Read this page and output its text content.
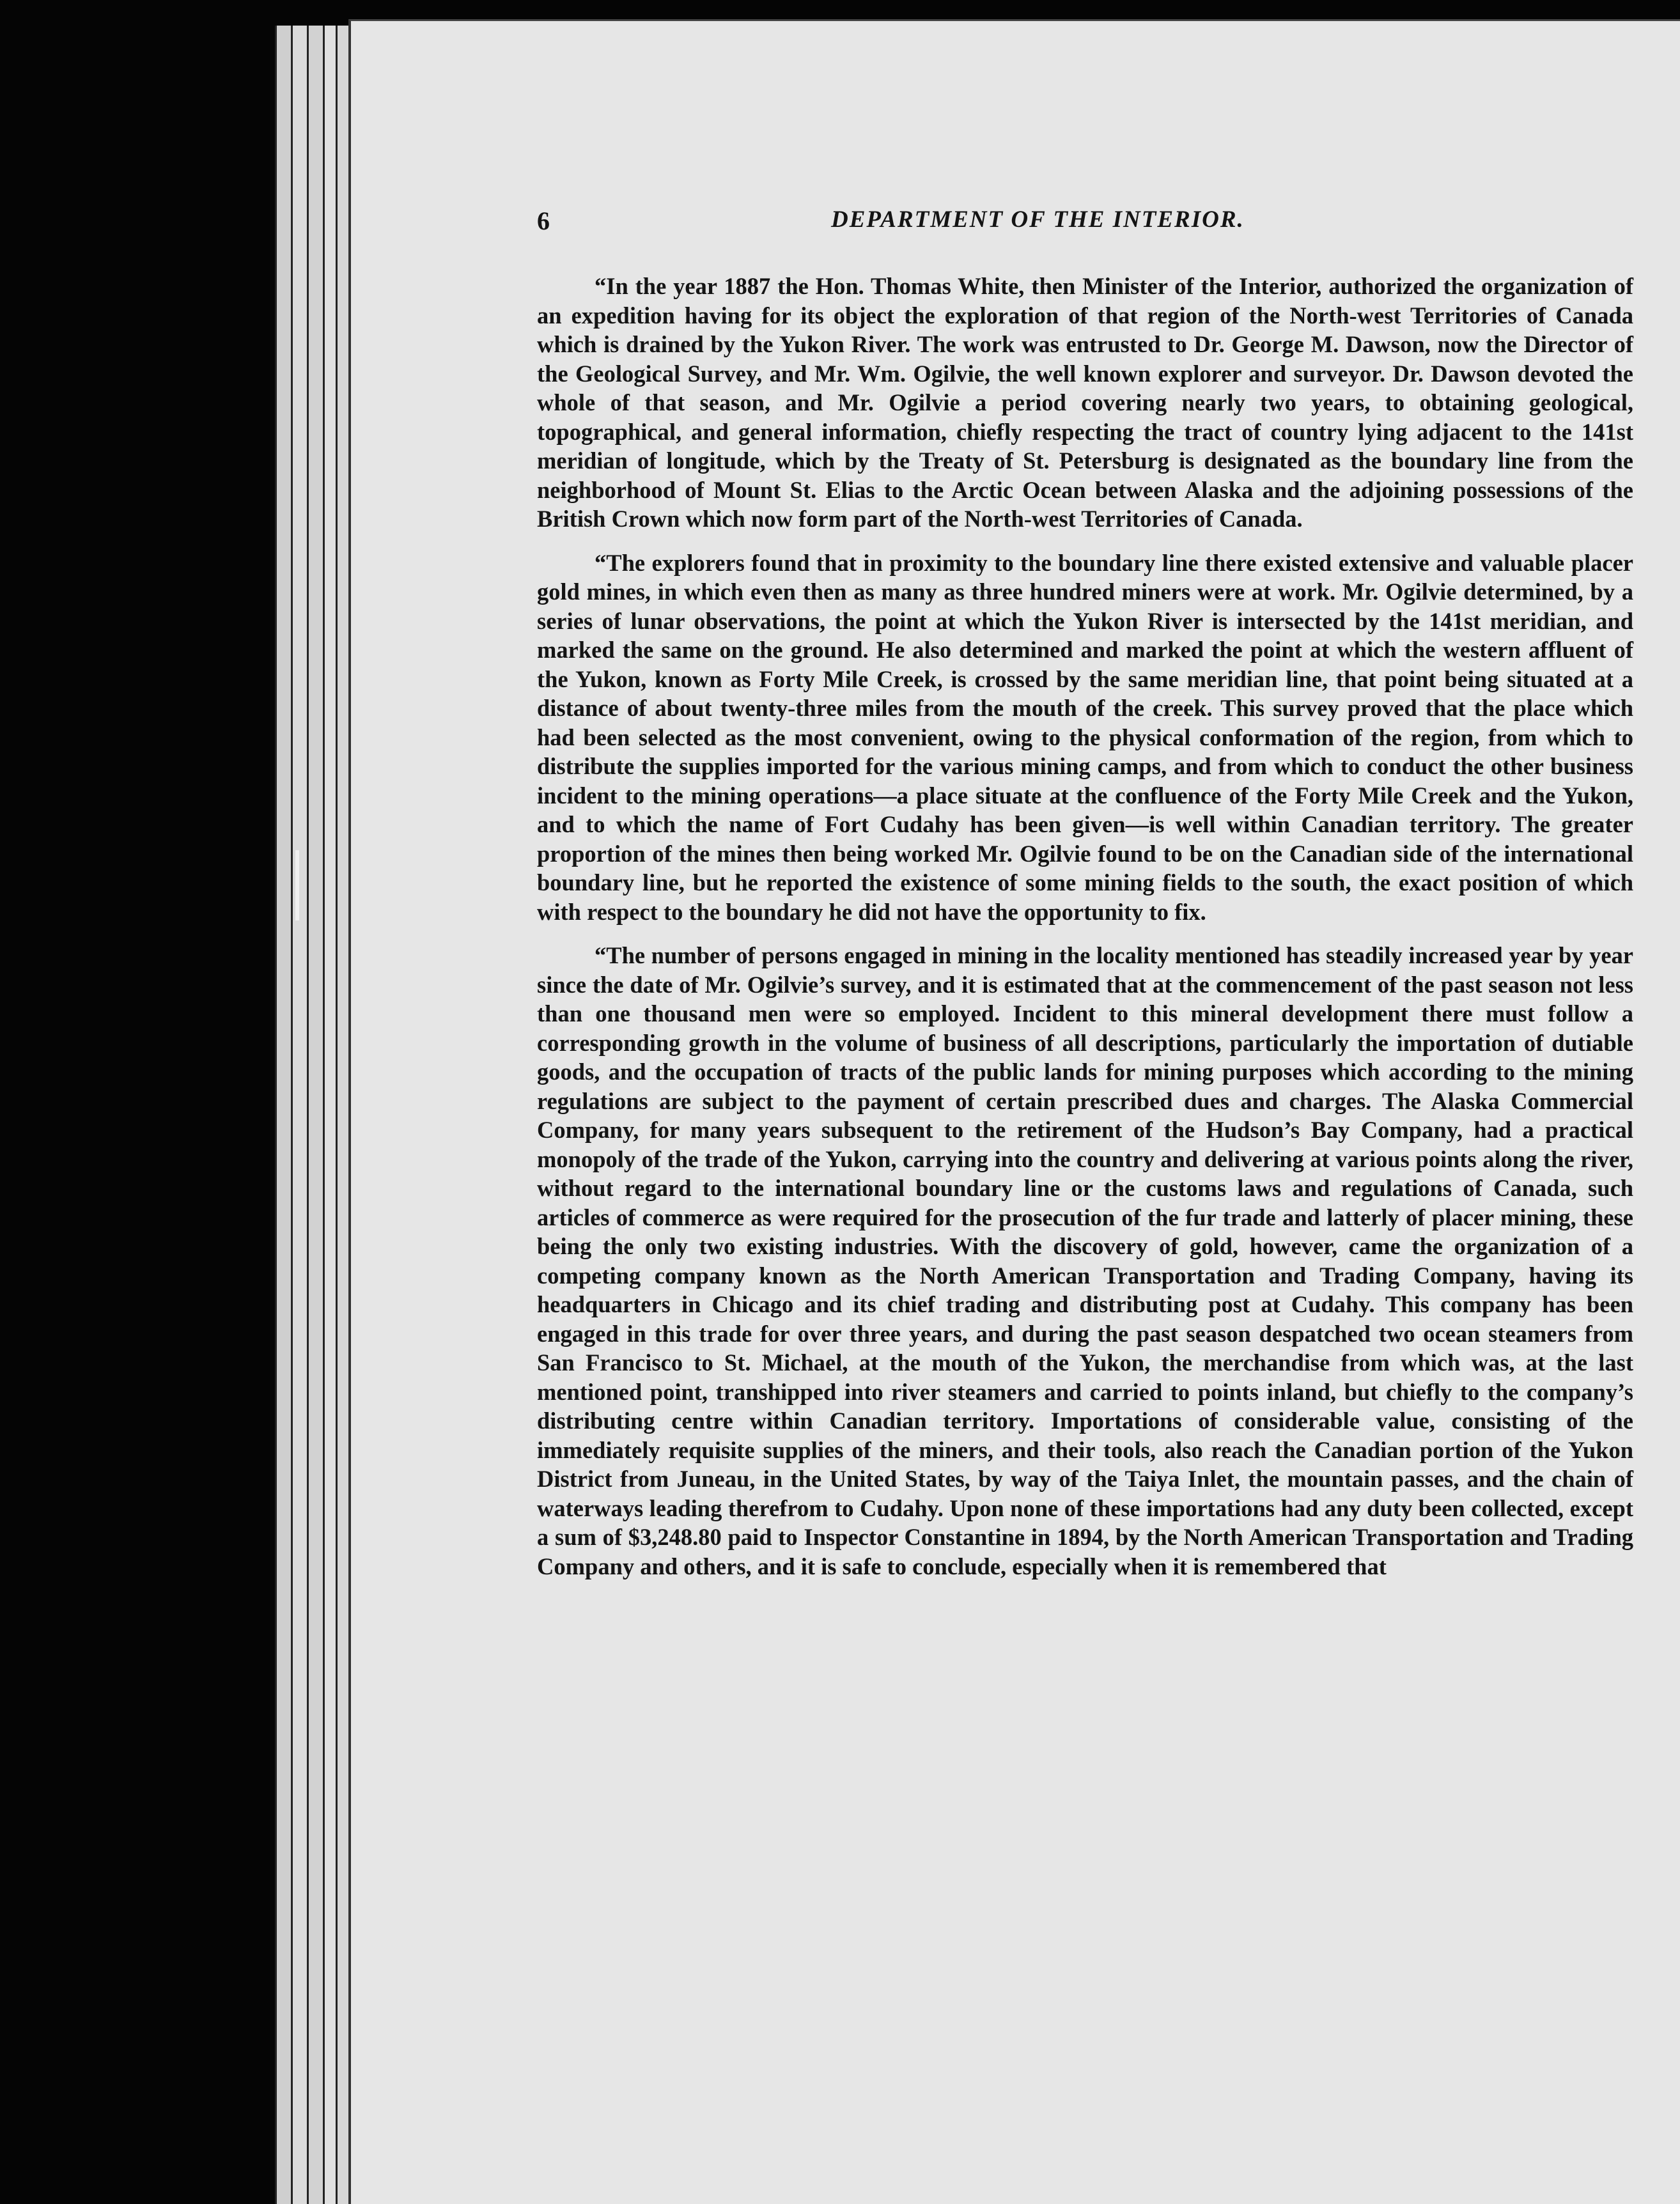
6	DEPARTMENT OF THE INTERIOR.

“In the year 1887 the Hon. Thomas White, then Minister of the Interior, authorized the organization of an expedition having for its object the exploration of that region of the North-west Territories of Canada which is drained by the Yukon River. The work was entrusted to Dr. George M. Dawson, now the Director of the Geological Survey, and Mr. Wm. Ogilvie, the well known explorer and surveyor. Dr. Dawson devoted the whole of that season, and Mr. Ogilvie a period covering nearly two years, to obtaining geological, topographical, and general information, chiefly respecting the tract of country lying adjacent to the 141st meridian of longitude, which by the Treaty of St. Petersburg is designated as the boundary line from the neighborhood of Mount St. Elias to the Arctic Ocean between Alaska and the adjoining possessions of the British Crown which now form part of the North-west Territories of Canada.

“The explorers found that in proximity to the boundary line there existed extensive and valuable placer gold mines, in which even then as many as three hundred miners were at work. Mr. Ogilvie determined, by a series of lunar observations, the point at which the Yukon River is intersected by the 141st meridian, and marked the same on the ground. He also determined and marked the point at which the western affluent of the Yukon, known as Forty Mile Creek, is crossed by the same meridian line, that point being situated at a distance of about twenty-three miles from the mouth of the creek. This survey proved that the place which had been selected as the most convenient, owing to the physical conformation of the region, from which to distribute the supplies imported for the various mining camps, and from which to conduct the other business incident to the mining operations—a place situate at the confluence of the Forty Mile Creek and the Yukon, and to which the name of Fort Cudahy has been given—is well within Canadian territory. The greater proportion of the mines then being worked Mr. Ogilvie found to be on the Canadian side of the international boundary line, but he reported the existence of some mining fields to the south, the exact position of which with respect to the boundary he did not have the opportunity to fix.

“The number of persons engaged in mining in the locality mentioned has steadily increased year by year since the date of Mr. Ogilvie’s survey, and it is estimated that at the commencement of the past season not less than one thousand men were so employed. Incident to this mineral development there must follow a corresponding growth in the volume of business of all descriptions, particularly the importation of dutiable goods, and the occupation of tracts of the public lands for mining purposes which according to the mining regulations are subject to the payment of certain prescribed dues and charges. The Alaska Commercial Company, for many years subsequent to the retirement of the Hudson’s Bay Company, had a practical monopoly of the trade of the Yukon, carrying into the country and delivering at various points along the river, without regard to the international boundary line or the customs laws and regulations of Canada, such articles of commerce as were required for the prosecution of the fur trade and latterly of placer mining, these being the only two existing industries. With the discovery of gold, however, came the organization of a competing company known as the North American Transportation and Trading Company, having its headquarters in Chicago and its chief trading and distributing post at Cudahy. This company has been engaged in this trade for over three years, and during the past season despatched two ocean steamers from San Francisco to St. Michael, at the mouth of the Yukon, the merchandise from which was, at the last mentioned point, transhipped into river steamers and carried to points inland, but chiefly to the company’s distributing centre within Canadian territory. Importations of considerable value, consisting of the immediately requisite supplies of the miners, and their tools, also reach the Canadian portion of the Yukon District from Juneau, in the United States, by way of the Taiya Inlet, the mountain passes, and the chain of waterways leading therefrom to Cudahy. Upon none of these importations had any duty been collected, except a sum of $3,248.80 paid to Inspector Constantine in 1894, by the North American Transportation and Trading Company and others, and it is safe to conclude, especially when it is remembered that
